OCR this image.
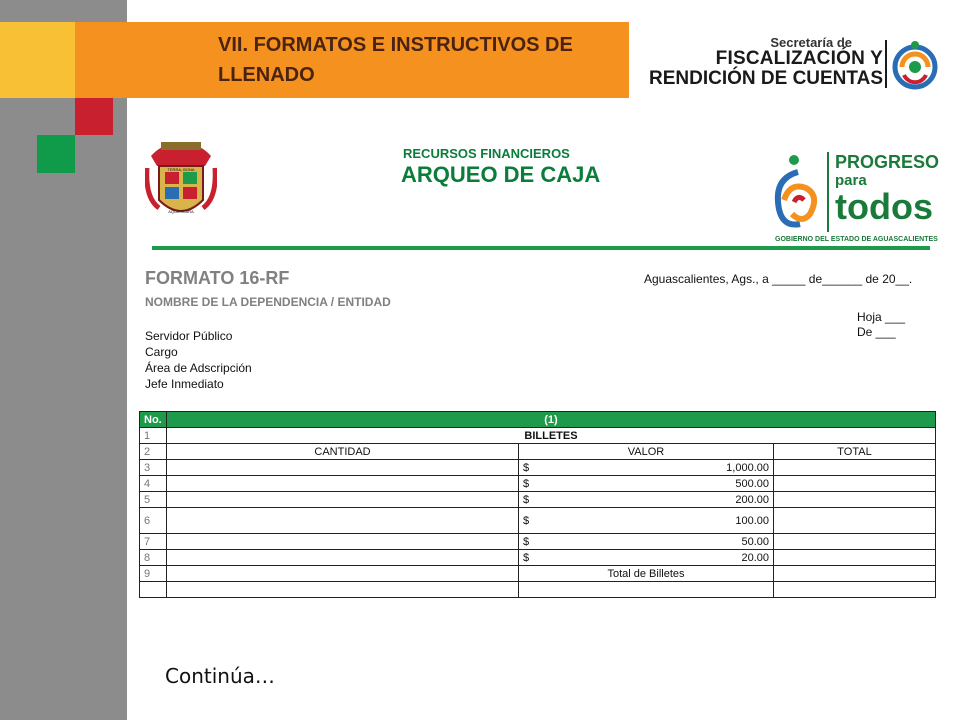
VII. FORMATOS E INSTRUCTIVOS DE
LLENADO
Secretaría de
FISCALIZACIÓN Y
RENDICIÓN DE CUENTAS
TERRA, BONA
AQUA CLARA
RECURSOS FINANCIEROS
ARQUEO DE CAJA	PROGRESO
para
todos
GOBIERNO DEL ESTADO DE AGUASCALIENTES
FORMATO 16-RF
NOMBRE DE LA DEPENDENCIA / ENTIDAD
Aguascalientes, Ags., a _____ de______ de 20__.
Hoja ___
De ___
Servidor Público
Cargo
Área de Adscripción
Jefe Inmediato
No.	(1)		
1	BILLETES		
2	CANTIDAD	VALOR	TOTAL
3		$ 1,000.00	

4		$ 500.00	

5		$ 200.00	

6		$ 100.00	

7		$ 50.00	

8		$ 20.00	

9		Total de Billetes	

Continúa…
